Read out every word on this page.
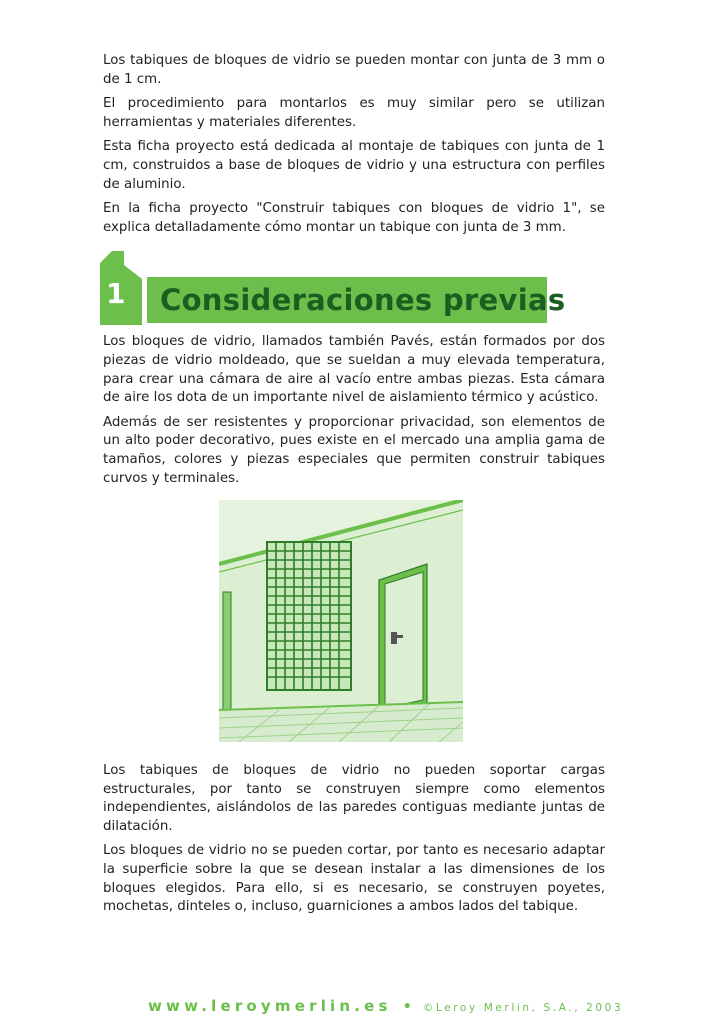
Los tabiques de bloques de vidrio se pueden montar con junta de 3 mm o de 1 cm.

El procedimiento para montarlos es muy similar pero se utilizan herramientas y materiales diferentes.

Esta ficha proyecto está dedicada al montaje de tabiques con junta de 1 cm, construidos a base de bloques de vidrio y una estructura con perfiles de aluminio.

En la ficha proyecto "Construir tabiques con bloques de vidrio 1", se explica detalladamente cómo montar un tabique con junta de 3 mm.

1 Consideraciones previas

Los bloques de vidrio, llamados también Pavés, están formados por dos piezas de vidrio moldeado, que se sueldan a muy elevada temperatura, para crear una cámara de aire al vacío entre ambas piezas. Esta cámara de aire los dota de un importante nivel de aislamiento térmico y acústico.

Además de ser resistentes y proporcionar privacidad, son elementos de un alto poder decorativo, pues existe en el mercado una amplia gama de tamaños, colores y piezas especiales que permiten construir tabiques curvos y terminales.

Los tabiques de bloques de vidrio no pueden soportar cargas estructurales, por tanto se construyen siempre como elementos independientes, aislándolos de las paredes contiguas mediante juntas de dilatación.

Los bloques de vidrio no se pueden cortar, por tanto es necesario adaptar la superficie sobre la que se desean instalar a las dimensiones de los bloques elegidos. Para ello, si es necesario, se construyen poyetes, mochetas, dinteles o, incluso, guarniciones a ambos lados del tabique.

www.leroymerlin.es • ©Leroy Merlin, S.A., 2003
